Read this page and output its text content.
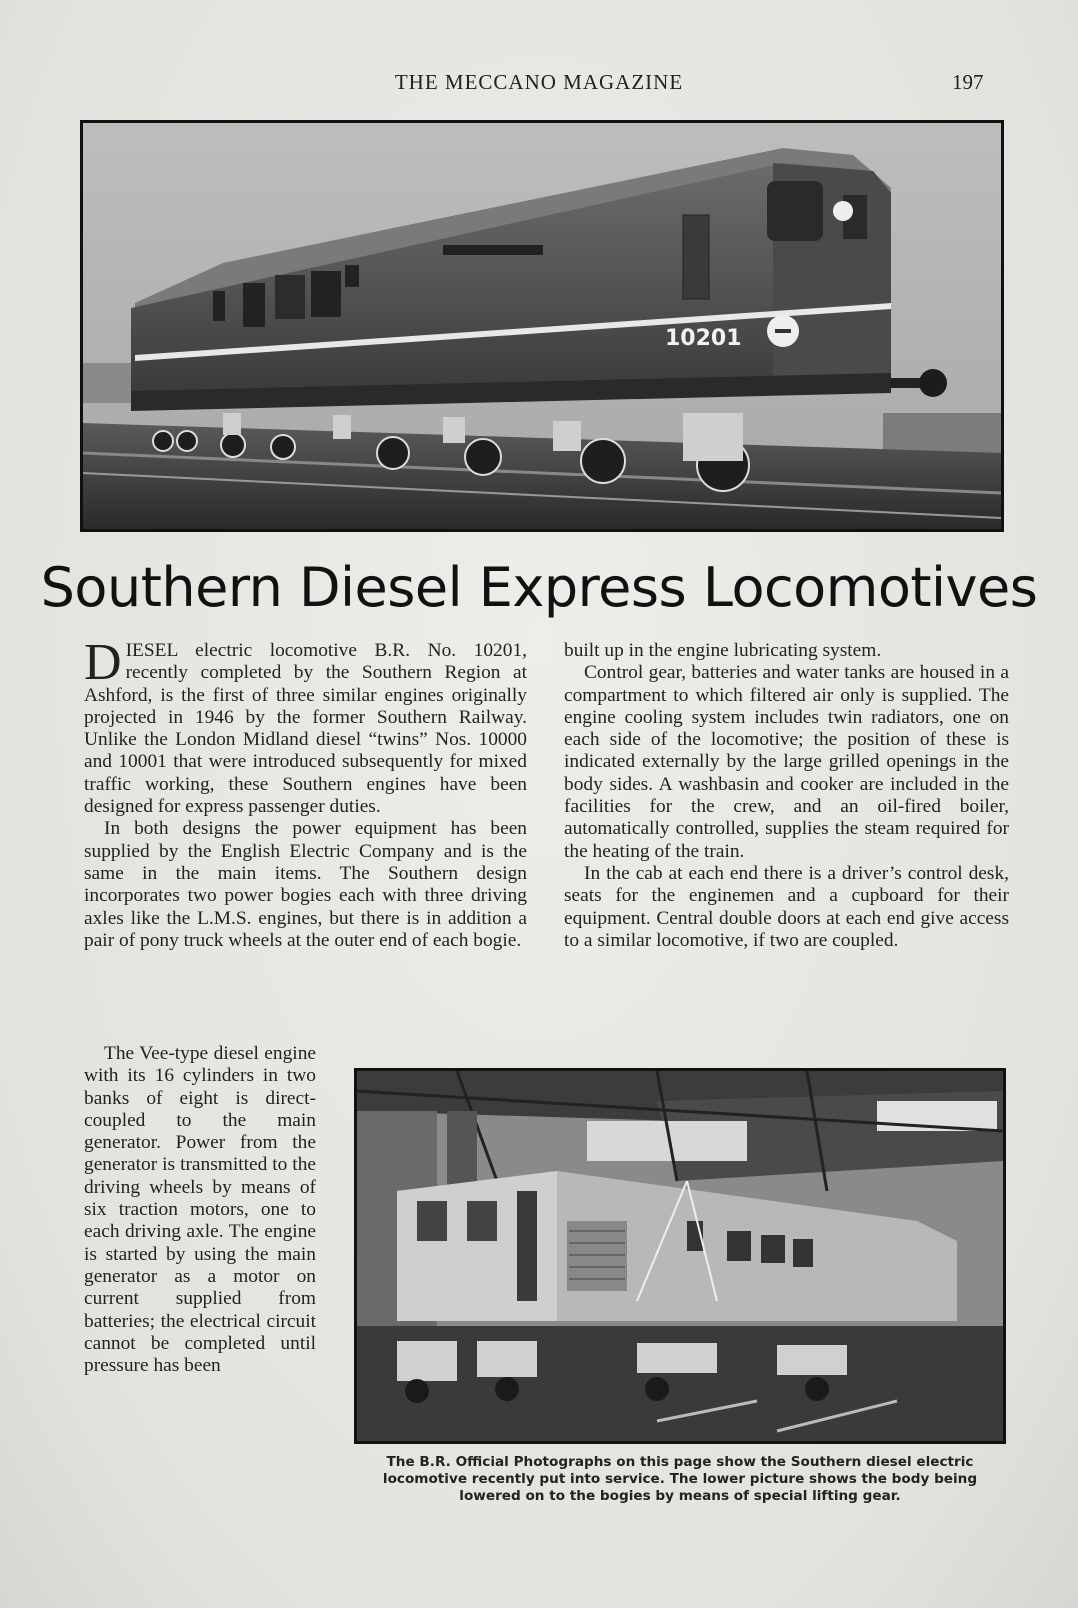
THE MECCANO MAGAZINE	197
10201
Southern Diesel Express Locomotives

DIESEL electric locomotive B.R. No. 10201, recently completed by the Southern Region at Ashford, is the first of three similar engines originally projected in 1946 by the former Southern Railway. Unlike the London Midland diesel “twins” Nos. 10000 and 10001 that were introduced subsequently for mixed traffic working, these Southern engines have been designed for express passenger duties.

In both designs the power equipment has been supplied by the English Electric Company and is the same in the main items. The Southern design incorporates two power bogies each with three driving axles like the L.M.S. engines, but there is in addition a pair of pony truck wheels at the outer end of each bogie.

The Vee-type diesel engine with its 16 cylinders in two banks of eight is direct-coupled to the main generator. Power from the generator is transmitted to the driving wheels by means of six traction motors, one to each driving axle. The engine is started by using the main generator as a motor on current supplied from batteries; the electrical circuit cannot be completed until pressure has been

built up in the engine lubricating system.

Control gear, batteries and water tanks are housed in a compartment to which filtered air only is supplied. The engine cooling system includes twin radiators, one on each side of the locomotive; the position of these is indicated externally by the large grilled openings in the body sides. A washbasin and cooker are included in the facilities for the crew, and an oil-fired boiler, automatically controlled, supplies the steam required for the heating of the train.

In the cab at each end there is a driver’s control desk, seats for the enginemen and a cupboard for their equipment. Central double doors at each end give access to a similar locomotive, if two are coupled.

The B.R. Official Photographs on this page show the Southern diesel electric
locomotive recently put into service. The lower picture shows the body being
lowered on to the bogies by means of special lifting gear.
